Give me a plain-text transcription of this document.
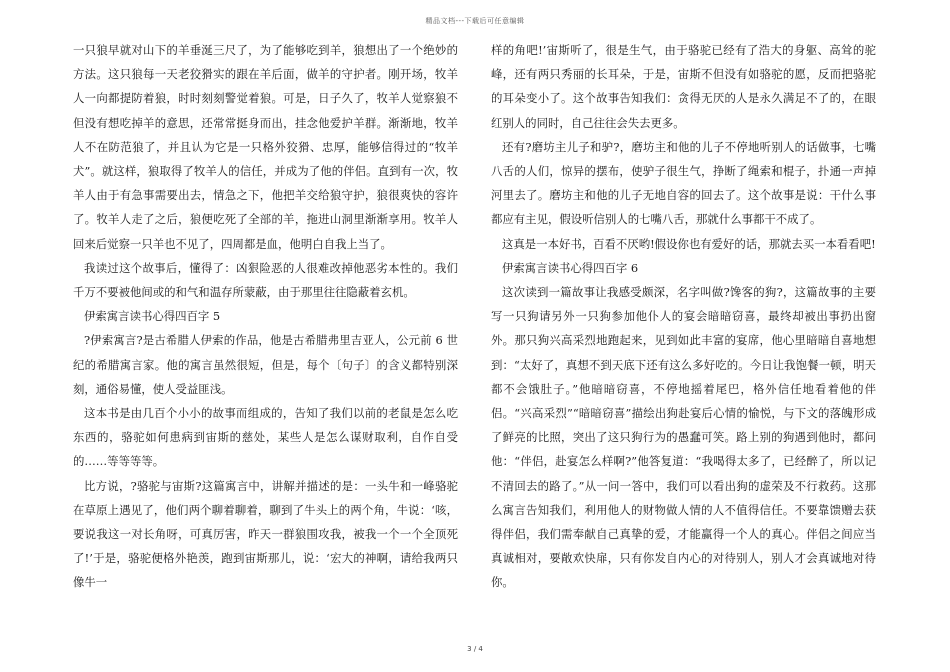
精品文档---下载后可任意编辑

一只狼早就对山下的羊垂涎三尺了，为了能够吃到羊，狼想出了一个绝妙的方法。这只狼每一天老狡猾实的跟在羊后面，做羊的守护者。刚开场，牧羊人一向都提防着狼，时时刻刻警觉着狼。可是，日子久了，牧羊人觉察狼不但没有想吃掉羊的意思，还常常挺身而出，挂念他爱护羊群。渐渐地，牧羊人不在防范狼了，并且认为它是一只格外狡猾、忠厚，能够信得过的“牧羊犬”。就这样，狼取得了牧羊人的信任，并成为了他的伴侣。直到有一次，牧羊人由于有急事需要出去，情急之下，他把羊交给狼守护，狼很爽快的容许了。牧羊人走了之后，狼便吃死了全部的羊，拖进山洞里渐渐享用。牧羊人回来后觉察一只羊也不见了，四周都是血，他明白自我上当了。

我读过这个故事后，懂得了：凶狠险恶的人很难改掉他恶劣本性的。我们千万不要被他间或的和气和温存所蒙蔽，由于那里往往隐蔽着玄机。

伊索寓言读书心得四百字 5

?伊索寓言?是古希腊人伊索的作品，他是古希腊弗里吉亚人，公元前 6 世纪的希腊寓言家。他的寓言虽然很短，但是，每个〔句子〕的含义都特别深刻，通俗易懂，使人受益匪浅。

这本书是由几百个小小的故事而组成的，告知了我们以前的老鼠是怎么吃东西的，骆驼如何患病到宙斯的慈处，某些人是怎么谋财取利，自作自受的……等等等等。

比方说，?骆驼与宙斯?这篇寓言中，讲解并描述的是：一头牛和一峰骆驼在草原上遇见了，他们两个聊着聊着，聊到了牛头上的两个角，牛说：‘咳，要说我这一对长角呀，可真厉害，昨天一群狼围攻我，被我一个一个全顶死了!’于是，骆驼便格外艳羡，跑到宙斯那儿，说：‘宏大的神啊，请给我两只像牛一

样的角吧!’宙斯听了，很是生气，由于骆驼已经有了浩大的身躯、高耸的驼峰，还有两只秀丽的长耳朵，于是，宙斯不但没有如骆驼的愿，反而把骆驼的耳朵变小了。这个故事告知我们：贪得无厌的人是永久满足不了的，在眼红别人的同时，自己往往会失去更多。

还有?磨坊主儿子和驴?，磨坊主和他的儿子不停地听别人的话做事，七嘴八舌的人们，惊异的摆布，使驴子很生气，挣断了绳索和棍子，扑通一声掉河里去了。磨坊主和他的儿子无地自容的回去了。这个故事是说：干什么事都应有主见，假设听信别人的七嘴八舌，那就什么事都干不成了。

这真是一本好书，百看不厌哟!假设你也有爱好的话，那就去买一本看看吧!

伊索寓言读书心得四百字 6

这次读到一篇故事让我感受颇深，名字叫做?馋客的狗?，这篇故事的主要写一只狗请另外一只狗参加他仆人的宴会暗暗窃喜，最终却被出事扔出窗外。那只狗兴高采烈地跑起来，见到如此丰富的宴席，他心里暗暗自喜地想到：“太好了，真想不到天底下还有这么多好吃的。今日让我饱餐一顿，明天都不会饿肚子。”他暗暗窃喜，不停地摇着尾巴，格外信任地看着他的伴侣。“兴高采烈”“暗暗窃喜”描绘出狗赴宴后心情的愉悦，与下文的落魄形成了鲜亮的比照，突出了这只狗行为的愚蠢可笑。路上别的狗遇到他时，都问他：“伴侣，赴宴怎么样啊?”他答复道：“我喝得太多了，已经醉了，所以记不清回去的路了。”从一问一答中，我们可以看出狗的虚荣及不行救药。这那么寓言告知我们，利用他人的财物做人情的人不值得信任。不要靠馈赠去获得伴侣，我们需奉献自己真挚的爱，才能赢得一个人的真心。伴侣之间应当真诚相对，要敞欢快扉，只有你发自内心的对待别人，别人才会真诚地对待你。

3 / 4
